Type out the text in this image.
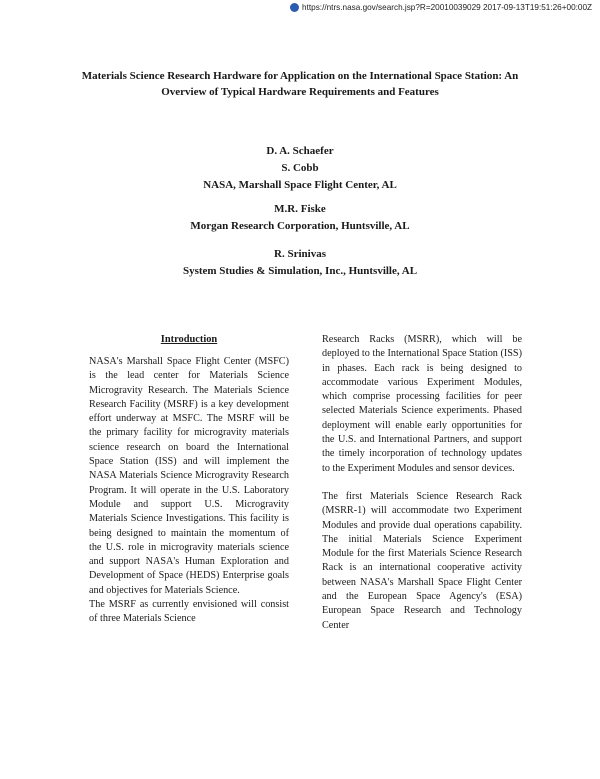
https://ntrs.nasa.gov/search.jsp?R=20010039029 2017-09-13T19:51:26+00:00Z
Materials Science Research Hardware for Application on the International Space Station: An Overview of Typical Hardware Requirements and Features
D. A. Schaefer
S. Cobb
NASA, Marshall Space Flight Center, AL
M.R. Fiske
Morgan Research Corporation, Huntsville, AL
R. Srinivas
System Studies & Simulation, Inc., Huntsville, AL
Introduction

NASA's Marshall Space Flight Center (MSFC) is the lead center for Materials Science Microgravity Research. The Materials Science Research Facility (MSRF) is a key development effort underway at MSFC. The MSRF will be the primary facility for microgravity materials science research on board the International Space Station (ISS) and will implement the NASA Materials Science Microgravity Research Program. It will operate in the U.S. Laboratory Module and support U.S. Microgravity Materials Science Investigations. This facility is being designed to maintain the momentum of the U.S. role in microgravity materials science and support NASA's Human Exploration and Development of Space (HEDS) Enterprise goals and objectives for Materials Science.

The MSRF as currently envisioned will consist of three Materials Science

Research Racks (MSRR), which will be deployed to the International Space Station (ISS) in phases. Each rack is being designed to accommodate various Experiment Modules, which comprise processing facilities for peer selected Materials Science experiments. Phased deployment will enable early opportunities for the U.S. and International Partners, and support the timely incorporation of technology updates to the Experiment Modules and sensor devices.

The first Materials Science Research Rack (MSRR-1) will accommodate two Experiment Modules and provide dual operations capability. The initial Materials Science Experiment Module for the first Materials Science Research Rack is an international cooperative activity between NASA's Marshall Space Flight Center and the European Space Agency's (ESA) European Space Research and Technology Center
